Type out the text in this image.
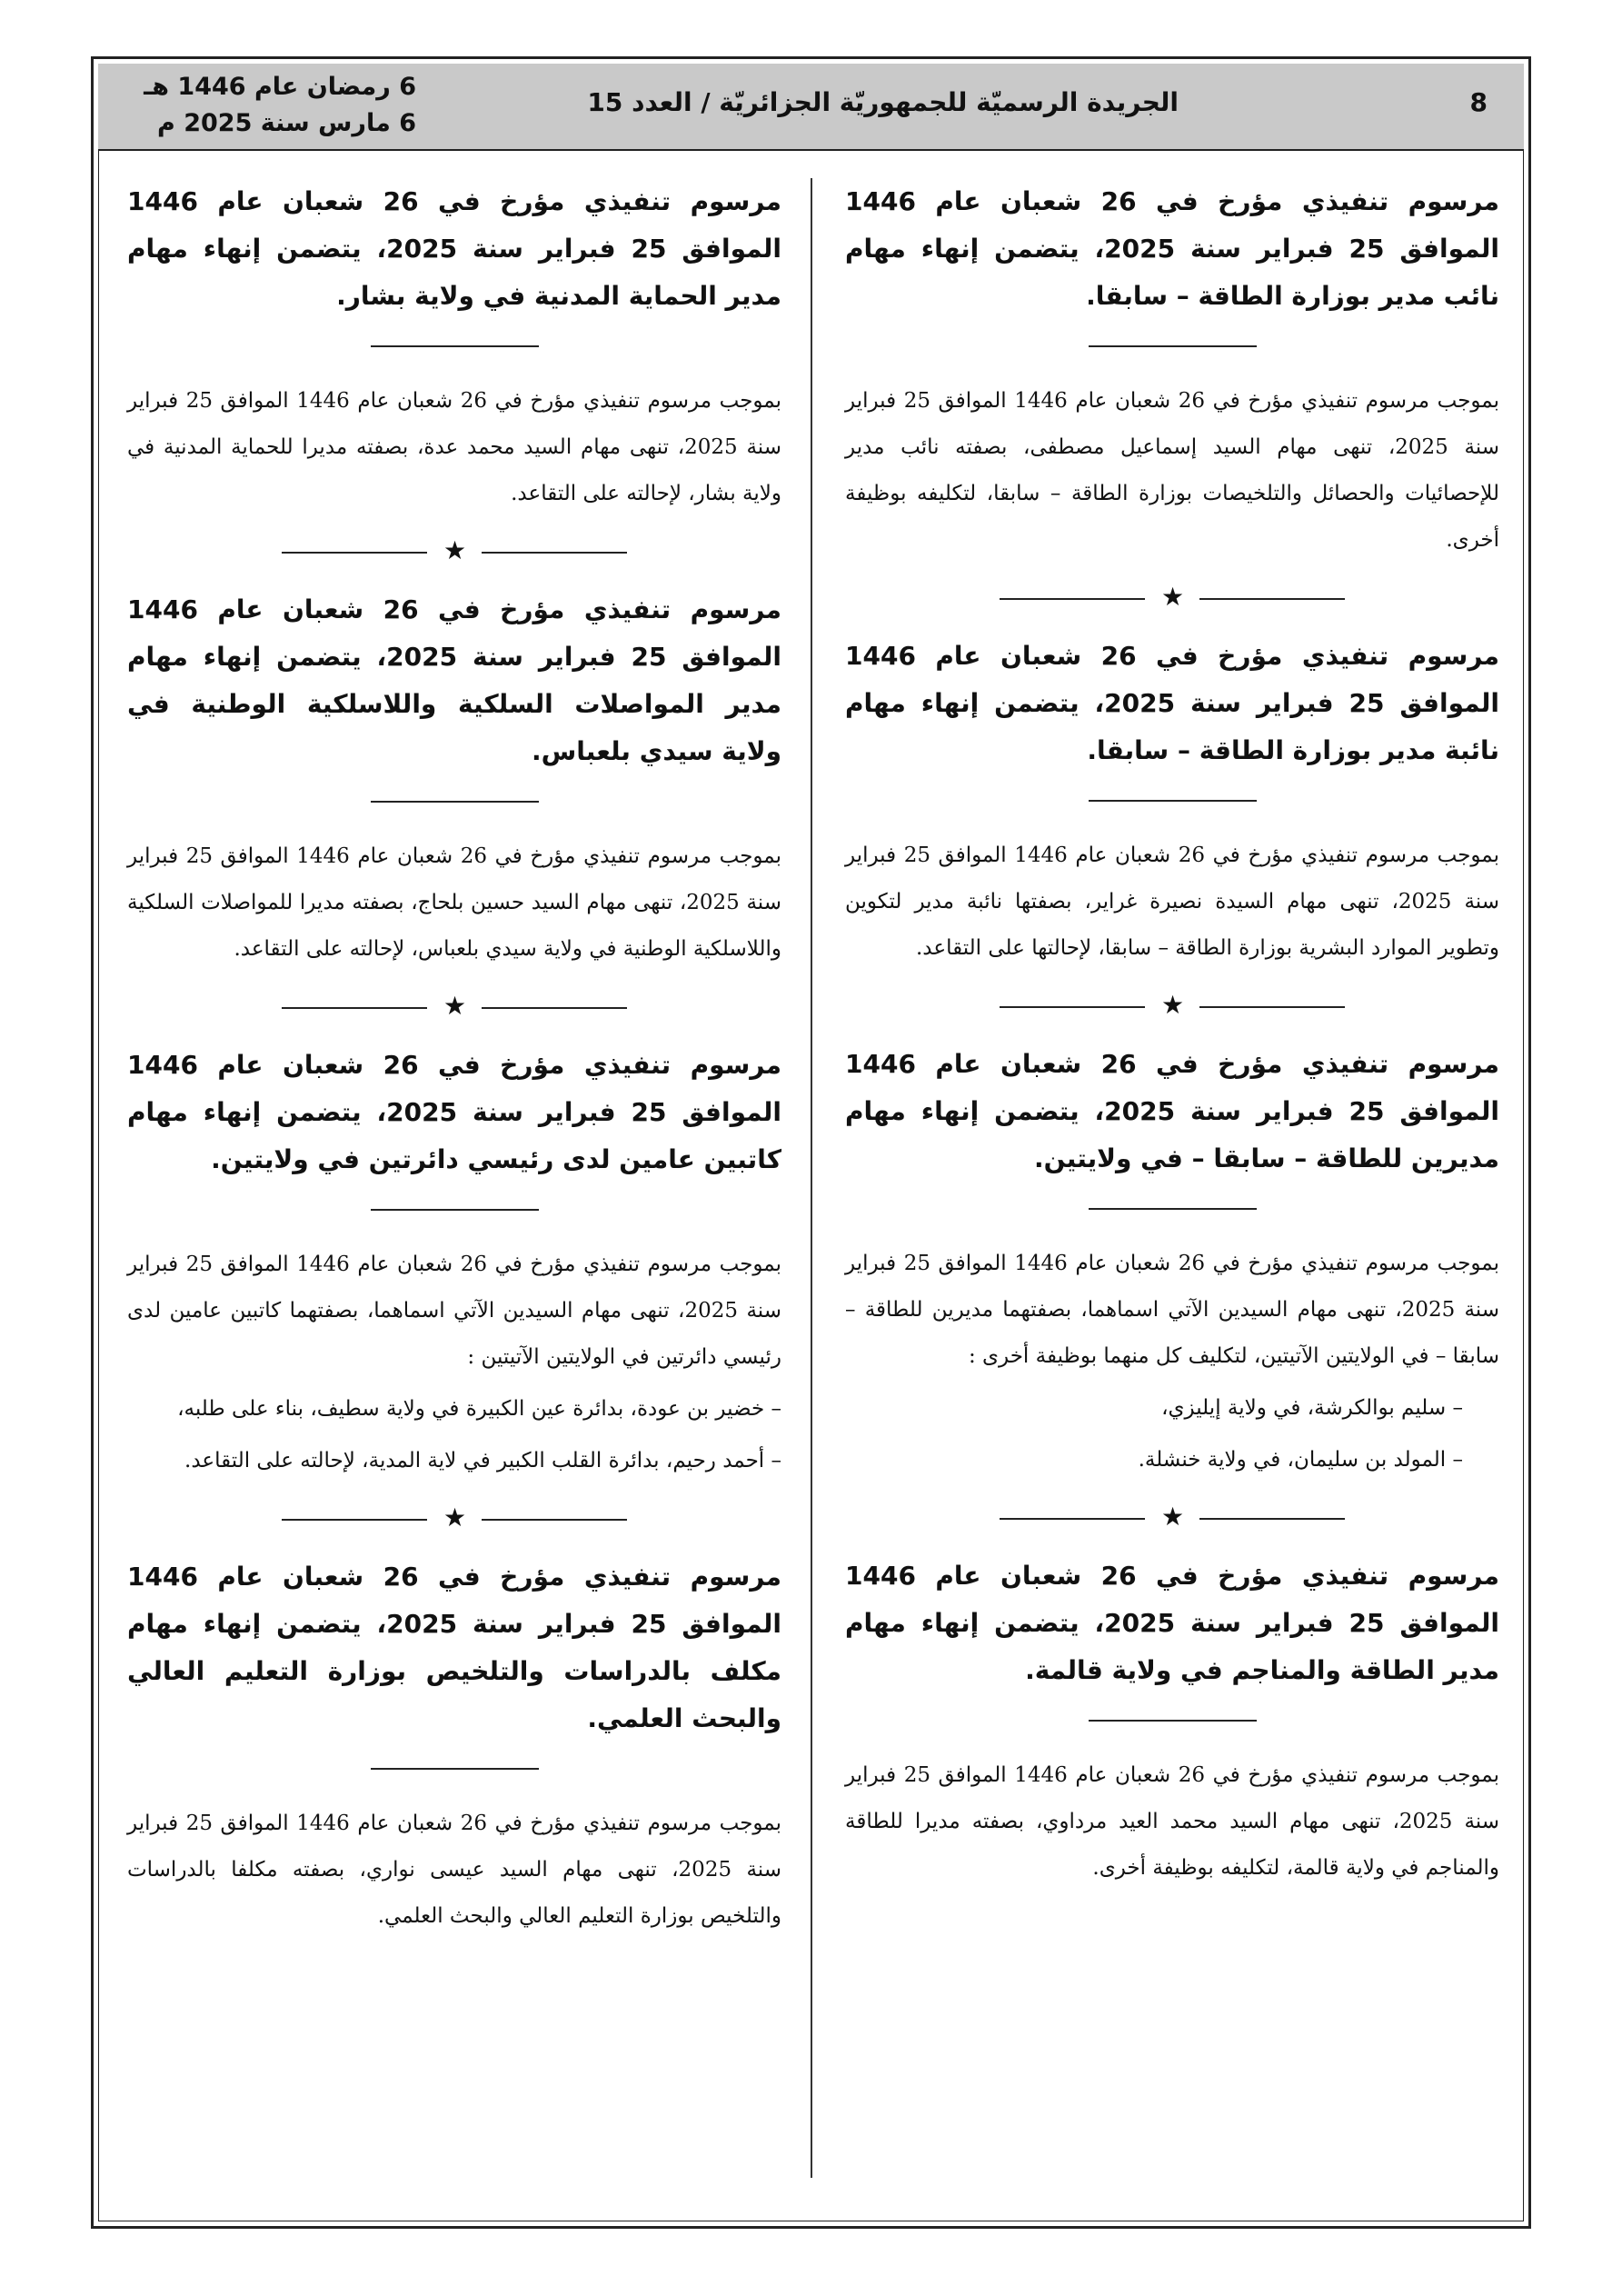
8
الجريدة الرسميّة للجمهوريّة الجزائريّة / العدد 15
6 رمضان عام 1446 هـ
6 مارس سنة 2025 م

مرسوم تنفيذي مؤرخ في 26 شعبان عام 1446 الموافق 25 فبراير سنة 2025، يتضمن إنهاء مهام نائب مدير بوزارة الطاقة – سابقا.

بموجب مرسوم تنفيذي مؤرخ في 26 شعبان عام 1446 الموافق 25 فبراير سنة 2025، تنهى مهام السيد إسماعيل مصطفى، بصفته نائب مدير للإحصائيات والحصائل والتلخيصات بوزارة الطاقة – سابقا، لتكليفه بوظيفة أخرى.

★

مرسوم تنفيذي مؤرخ في 26 شعبان عام 1446 الموافق 25 فبراير سنة 2025، يتضمن إنهاء مهام نائبة مدير بوزارة الطاقة – سابقا.

بموجب مرسوم تنفيذي مؤرخ في 26 شعبان عام 1446 الموافق 25 فبراير سنة 2025، تنهى مهام السيدة نصيرة غراير، بصفتها نائبة مدير لتكوين وتطوير الموارد البشرية بوزارة الطاقة – سابقا، لإحالتها على التقاعد.

★

مرسوم تنفيذي مؤرخ في 26 شعبان عام 1446 الموافق 25 فبراير سنة 2025، يتضمن إنهاء مهام مديرين للطاقة – سابقا – في ولايتين.

بموجب مرسوم تنفيذي مؤرخ في 26 شعبان عام 1446 الموافق 25 فبراير سنة 2025، تنهى مهام السيدين الآتي اسماهما، بصفتهما مديرين للطاقة – سابقا – في الولايتين الآتيتين، لتكليف كل منهما بوظيفة أخرى :

– سليم بوالكرشة، في ولاية إيليزي،

– المولد بن سليمان، في ولاية خنشلة.

★

مرسوم تنفيذي مؤرخ في 26 شعبان عام 1446 الموافق 25 فبراير سنة 2025، يتضمن إنهاء مهام مدير الطاقة والمناجم في ولاية قالمة.

بموجب مرسوم تنفيذي مؤرخ في 26 شعبان عام 1446 الموافق 25 فبراير سنة 2025، تنهى مهام السيد محمد العيد مرداوي، بصفته مديرا للطاقة والمناجم في ولاية قالمة، لتكليفه بوظيفة أخرى.

مرسوم تنفيذي مؤرخ في 26 شعبان عام 1446 الموافق 25 فبراير سنة 2025، يتضمن إنهاء مهام مدير الحماية المدنية في ولاية بشار.

بموجب مرسوم تنفيذي مؤرخ في 26 شعبان عام 1446 الموافق 25 فبراير سنة 2025، تنهى مهام السيد محمد عدة، بصفته مديرا للحماية المدنية في ولاية بشار، لإحالته على التقاعد.

★

مرسوم تنفيذي مؤرخ في 26 شعبان عام 1446 الموافق 25 فبراير سنة 2025، يتضمن إنهاء مهام مدير المواصلات السلكية واللاسلكية الوطنية في ولاية سيدي بلعباس.

بموجب مرسوم تنفيذي مؤرخ في 26 شعبان عام 1446 الموافق 25 فبراير سنة 2025، تنهى مهام السيد حسين بلحاج، بصفته مديرا للمواصلات السلكية واللاسلكية الوطنية في ولاية سيدي بلعباس، لإحالته على التقاعد.

★

مرسوم تنفيذي مؤرخ في 26 شعبان عام 1446 الموافق 25 فبراير سنة 2025، يتضمن إنهاء مهام كاتبين عامين لدى رئيسي دائرتين في ولايتين.

بموجب مرسوم تنفيذي مؤرخ في 26 شعبان عام 1446 الموافق 25 فبراير سنة 2025، تنهى مهام السيدين الآتي اسماهما، بصفتهما كاتبين عامين لدى رئيسي دائرتين في الولايتين الآتيتين :

– خضير بن عودة، بدائرة عين الكبيرة في ولاية سطيف، بناء على طلبه،

– أحمد رحيم، بدائرة القلب الكبير في لاية المدية، لإحالته على التقاعد.

★

مرسوم تنفيذي مؤرخ في 26 شعبان عام 1446 الموافق 25 فبراير سنة 2025، يتضمن إنهاء مهام مكلف بالدراسات والتلخيص بوزارة التعليم العالي والبحث العلمي.

بموجب مرسوم تنفيذي مؤرخ في 26 شعبان عام 1446 الموافق 25 فبراير سنة 2025، تنهى مهام السيد عيسى نواري، بصفته مكلفا بالدراسات والتلخيص بوزارة التعليم العالي والبحث العلمي.
